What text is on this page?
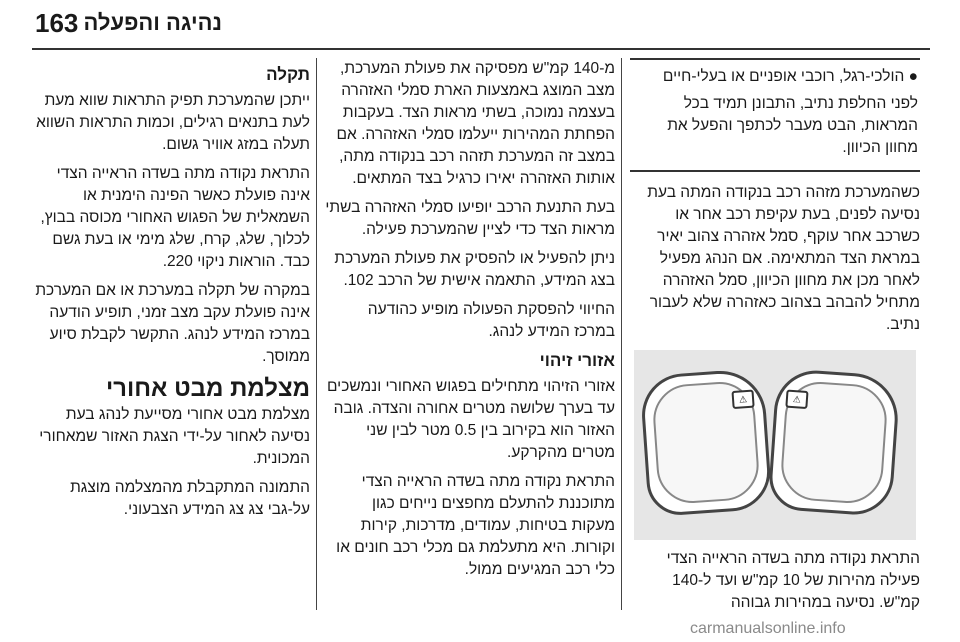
163 נהיגה והפעלה

● הולכי-רגל, רוכבי אופניים או בעלי-חיים

לפני החלפת נתיב, התבונן תמיד בכל המראות, הבט מעבר לכתפך והפעל את מחוון הכיוון.

כשהמערכת מזהה רכב בנקודה המתה בעת נסיעה לפנים, בעת עקיפת רכב אחר או כשרכב אחר עוקף, סמל אזהרה צהוב יאיר במראת הצד המתאימה. אם הנהג מפעיל לאחר מכן את מחוון הכיוון, סמל האזהרה מתחיל להבהב בצהוב כאזהרה שלא לעבור נתיב.

⚠	⚠

התראת נקודה מתה בשדה הראייה הצדי פעילה מהירות של 10 קמ"ש ועד ל-140 קמ"ש. נסיעה במהירות גבוהה

מ-140 קמ"ש מפסיקה את פעולת המערכת, מצב המוצג באמצעות הארת סמלי האזהרה בעצמה נמוכה, בשתי מראות הצד. בעקבות הפחתת המהירות ייעלמו סמלי האזהרה. אם במצב זה המערכת תזהה רכב בנקודה מתה, אותות האזהרה יאירו כרגיל בצד המתאים.

בעת התנעת הרכב יופיעו סמלי האזהרה בשתי מראות הצד כדי לציין שהמערכת פעילה.

ניתן להפעיל או להפסיק את פעולת המערכת בצג המידע, התאמה אישית של הרכב 102.

החיווי להפסקת הפעולה מופיע כהודעה במרכז המידע לנהג.

אזורי זיהוי

אזורי הזיהוי מתחילים בפגוש האחורי ונמשכים עד בערך שלושה מטרים אחורה והצדה. גובה האזור הוא בקירוב בין 0.5 מטר לבין שני מטרים מהקרקע.

התראת נקודה מתה בשדה הראייה הצדי מתוכננת להתעלם מחפצים נייחים כגון מעקות בטיחות, עמודים, מדרכות, קירות וקורות. היא מתעלמת גם מכלי רכב חונים או כלי רכב המגיעים ממול.

תקלה

ייתכן שהמערכת תפיק התראות שווא מעת לעת בתנאים רגילים, וכמות התראות השווא תעלה במזג אוויר גשום.

התראת נקודה מתה בשדה הראייה הצדי אינה פועלת כאשר הפינה הימנית או השמאלית של הפגוש האחורי מכוסה בבוץ, לכלוך, שלג, קרח, שלג מימי או בעת גשם כבד. הוראות ניקוי 220.

במקרה של תקלה במערכת או אם המערכת אינה פועלת עקב מצב זמני, תופיע הודעה במרכז המידע לנהג. התקשר לקבלת סיוע ממוסך.

מצלמת מבט אחורי

מצלמת מבט אחורי מסייעת לנהג בעת נסיעה לאחור על-ידי הצגת האזור שמאחורי המכונית.

התמונה המתקבלת מהמצלמה מוצגת על-גבי צג צג המידע הצבעוני.

carmanualsonline.info
